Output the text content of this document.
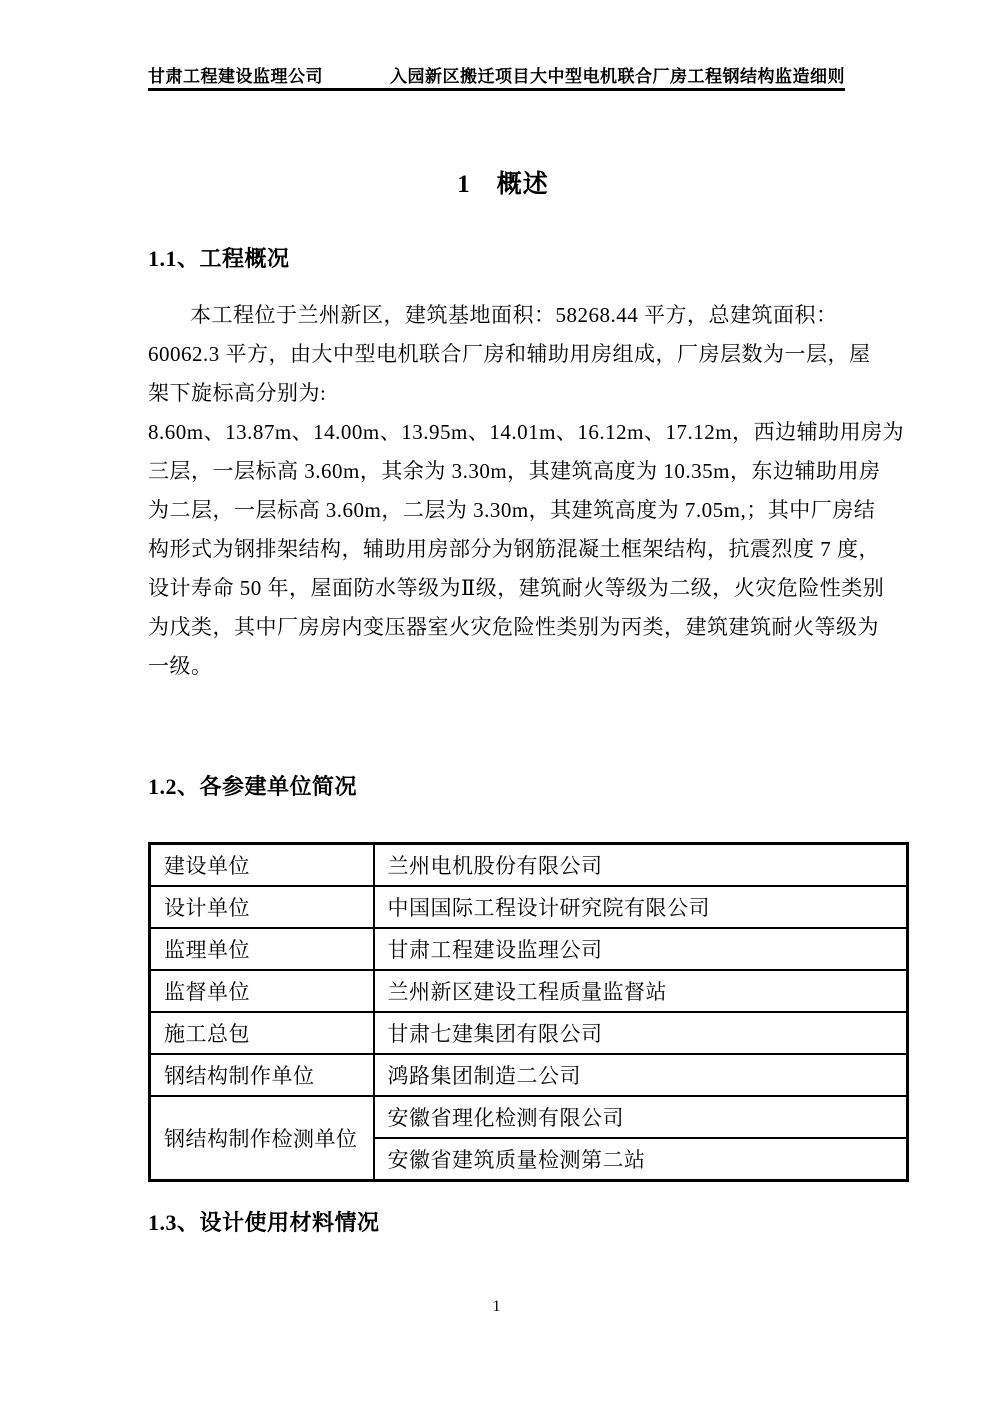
甘肃工程建设监理公司	入园新区搬迁项目大中型电机联合厂房工程钢结构监造细则
1　概述
1.1、工程概况
本工程位于兰州新区，建筑基地面积：58268.44 平方，总建筑面积：
60062.3 平方，由大中型电机联合厂房和辅助用房组成，厂房层数为一层，屋
架下旋标高分别为:
8.60m、13.87m、14.00m、13.95m、14.01m、16.12m、17.12m，西边辅助用房为
三层，一层标高 3.60m，其余为 3.30m，其建筑高度为 10.35m，东边辅助用房
为二层，一层标高 3.60m，二层为 3.30m，其建筑高度为 7.05m,；其中厂房结
构形式为钢排架结构，辅助用房部分为钢筋混凝土框架结构，抗震烈度 7 度，
设计寿命 50 年，屋面防水等级为Ⅱ级，建筑耐火等级为二级，火灾危险性类别
为戊类，其中厂房房内变压器室火灾危险性类别为丙类，建筑建筑耐火等级为
一级。
1.2、各参建单位简况
建设单位	兰州电机股份有限公司
设计单位	中国国际工程设计研究院有限公司
监理单位	甘肃工程建设监理公司
监督单位	兰州新区建设工程质量监督站
施工总包	甘肃七建集团有限公司
钢结构制作单位	鸿路集团制造二公司
钢结构制作检测单位	安徽省理化检测有限公司
	安徽省建筑质量检测第二站
1.3、设计使用材料情况
1
